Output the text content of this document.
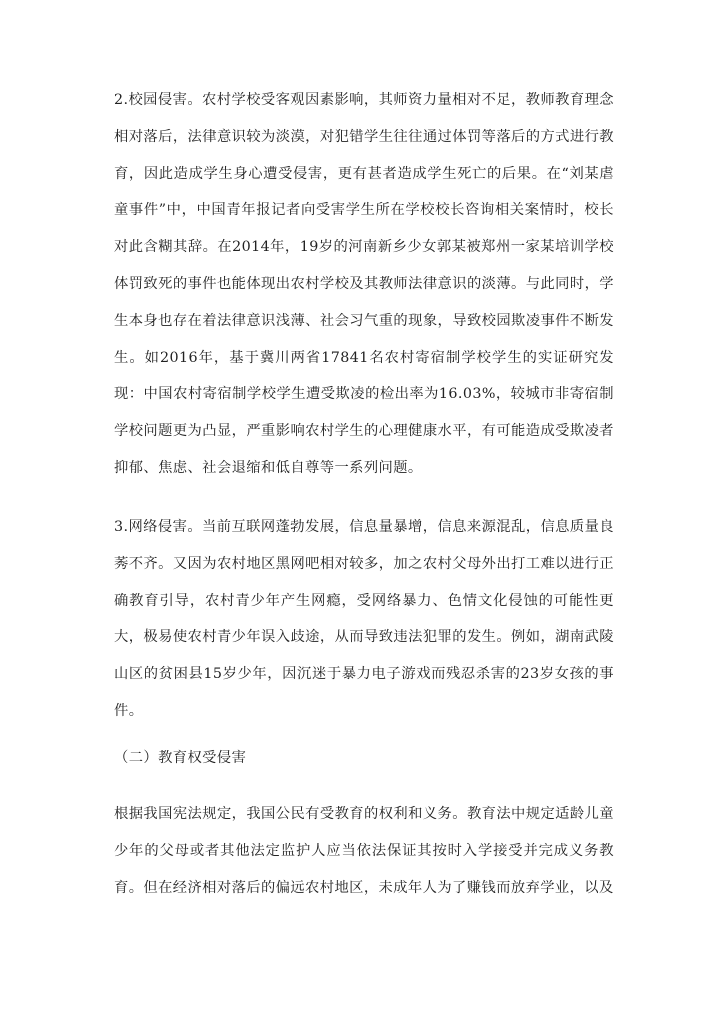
2.校园侵害。农村学校受客观因素影响，其师资力量相对不足，教师教育理念相对落后，法律意识较为淡漠，对犯错学生往往通过体罚等落后的方式进行教育，因此造成学生身心遭受侵害，更有甚者造成学生死亡的后果。在“刘某虐童事件”中，中国青年报记者向受害学生所在学校校长咨询相关案情时，校长对此含糊其辞。在2014年，19岁的河南新乡少女郭某被郑州一家某培训学校体罚致死的事件也能体现出农村学校及其教师法律意识的淡薄。与此同时，学生本身也存在着法律意识浅薄、社会习气重的现象，导致校园欺凌事件不断发生。如2016年，基于冀川两省17841名农村寄宿制学校学生的实证研究发现：中国农村寄宿制学校学生遭受欺凌的检出率为16.03%，较城市非寄宿制学校问题更为凸显，严重影响农村学生的心理健康水平，有可能造成受欺凌者抑郁、焦虑、社会退缩和低自尊等一系列问题。

3.网络侵害。当前互联网蓬勃发展，信息量暴增，信息来源混乱，信息质量良莠不齐。又因为农村地区黑网吧相对较多，加之农村父母外出打工难以进行正确教育引导，农村青少年产生网瘾，受网络暴力、色情文化侵蚀的可能性更大，极易使农村青少年误入歧途，从而导致违法犯罪的发生。例如，湖南武陵山区的贫困县15岁少年，因沉迷于暴力电子游戏而残忍杀害的23岁女孩的事件。

（二）教育权受侵害

根据我国宪法规定，我国公民有受教育的权利和义务。教育法中规定适龄儿童少年的父母或者其他法定监护人应当依法保证其按时入学接受并完成义务教育。但在经济相对落后的偏远农村地区，未成年人为了赚钱而放弃学业，以及
